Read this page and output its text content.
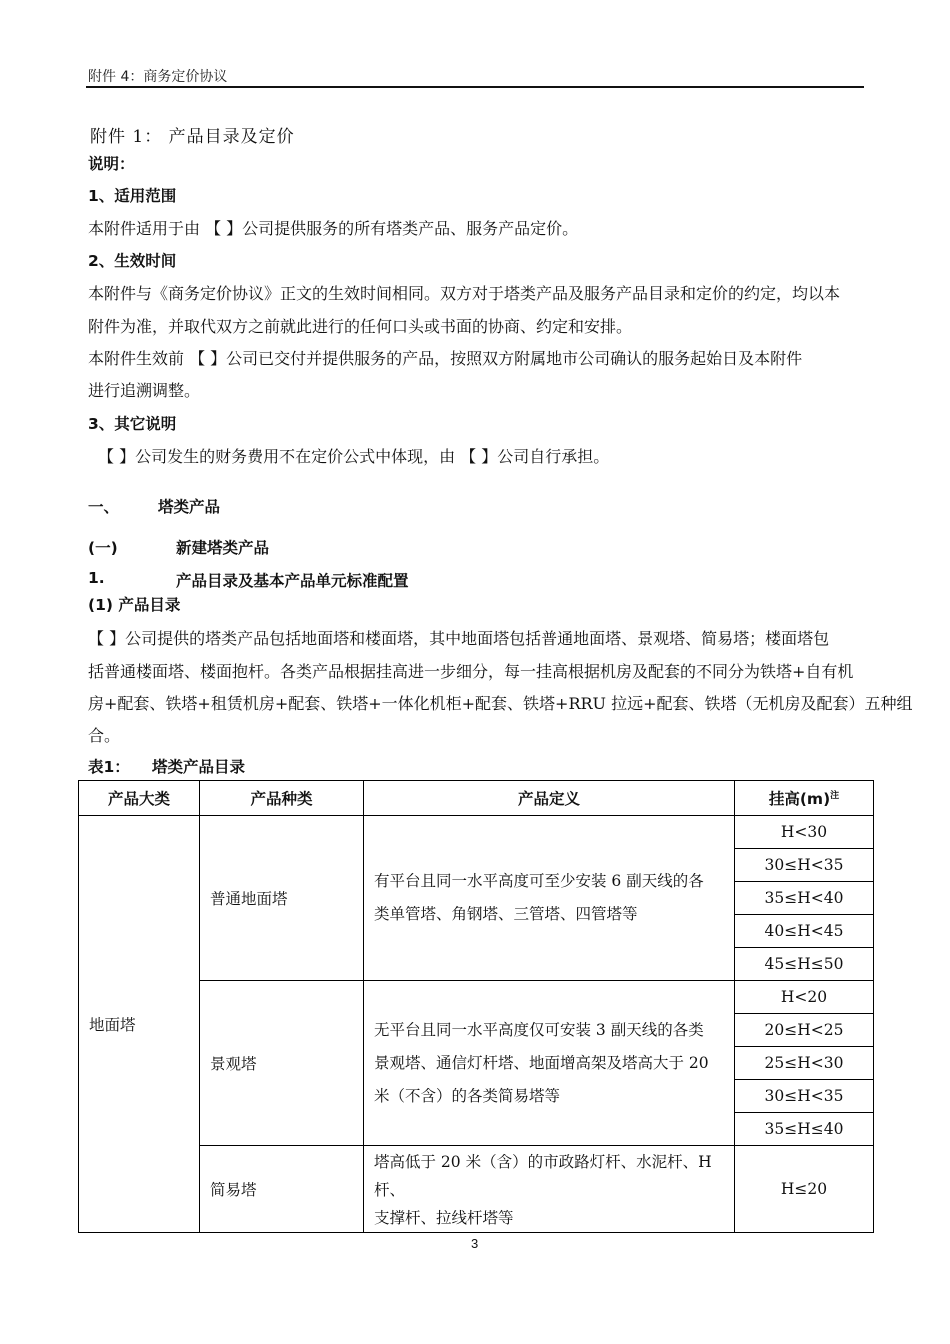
附件 4：商务定价协议
附件 1： 产品目录及定价
说明：
1、适用范围
本附件适用于由 【 】公司提供服务的所有塔类产品、服务产品定价。
2、生效时间
本附件与《商务定价协议》正文的生效时间相同。双方对于塔类产品及服务产品目录和定价的约定，均以本
附件为准，并取代双方之前就此进行的任何口头或书面的协商、约定和安排。
本附件生效前 【 】公司已交付并提供服务的产品，按照双方附属地市公司确认的服务起始日及本附件
进行追溯调整。
3、其它说明
【 】公司发生的财务费用不在定价公式中体现，由 【 】公司自行承担。
一、	塔类产品
(一)	新建塔类产品
1.	产品目录及基本产品单元标准配置
(1) 产品目录
【 】公司提供的塔类产品包括地面塔和楼面塔，其中地面塔包括普通地面塔、景观塔、简易塔；楼面塔包
括普通楼面塔、楼面抱杆。各类产品根据挂高进一步细分，每一挂高根据机房及配套的不同分为铁塔+自有机
房+配套、铁塔+租赁机房+配套、铁塔+一体化机柜+配套、铁塔+RRU 拉远+配套、铁塔（无机房及配套）五种组
合。
表1： 塔类产品目录
产品大类	产品种类	产品定义	挂高$(m)^注$
地面塔	普通地面塔	有平台且同一水平高度可至少安装 6 副天线的各
类单管塔、角钢塔、三管塔、四管塔等	H<30
			30≤H<35
			35≤H<40
			40≤H<45
			45≤H≤50
	景观塔	无平台且同一水平高度仅可安装 3 副天线的各类
景观塔、通信灯杆塔、地面增高架及塔高大于 20
米（不含）的各类简易塔等	H<20
			20≤H<25
			25≤H<30
			30≤H<35
			35≤H≤40
	简易塔	塔高低于 20 米（含）的市政路灯杆、水泥杆、H 杆、
支撑杆、拉线杆塔等	H≤20
3
